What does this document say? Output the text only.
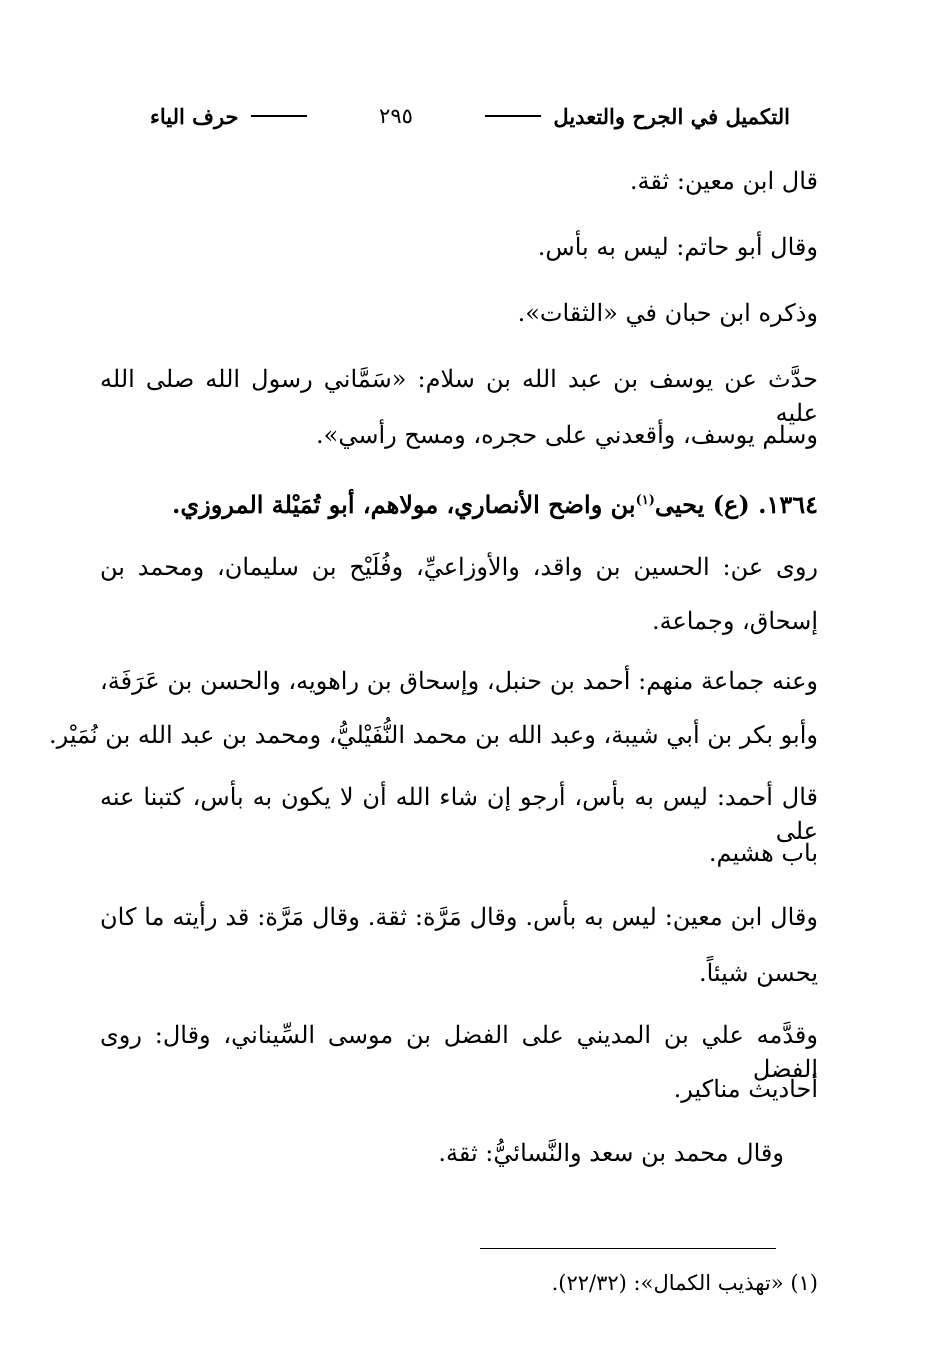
التكميل في الجرح والتعديل
٢٩٥
حرف الياء
قال ابن معين: ثقة.
وقال أبو حاتم: ليس به بأس.
وذكره ابن حبان في «الثقات».
حدَّث عن يوسف بن عبد الله بن سلام: «سَمَّاني رسول الله صلى الله عليه
وسلم يوسف، وأقعدني على حجره، ومسح رأسي».
١٣٦٤. (ع) يحيى$^{(١)}$بن واضح الأنصاري، مولاهم، أبو تُمَيْلة المروزي.
روى عن: الحسين بن واقد، والأوزاعيِّ، وفُلَيْح بن سليمان، ومحمد بن
إسحاق، وجماعة.
وعنه جماعة منهم: أحمد بن حنبل، وإسحاق بن راهويه، والحسن بن عَرَفَة،
وأبو بكر بن أبي شيبة، وعبد الله بن محمد النُّفَيْليُّ، ومحمد بن عبد الله بن نُمَيْر.
قال أحمد: ليس به بأس، أرجو إن شاء الله أن لا يكون به بأس، كتبنا عنه على
باب هشيم.
وقال ابن معين: ليس به بأس. وقال مَرَّة: ثقة. وقال مَرَّة: قد رأيته ما كان
يحسن شيئاً.
وقدَّمه علي بن المديني على الفضل بن موسى السِّيناني، وقال: روى الفضل
أحاديث مناكير.
وقال محمد بن سعد والنَّسائيُّ: ثقة.
(١) «تهذيب الكمال»: (٢٢/٣٢).
